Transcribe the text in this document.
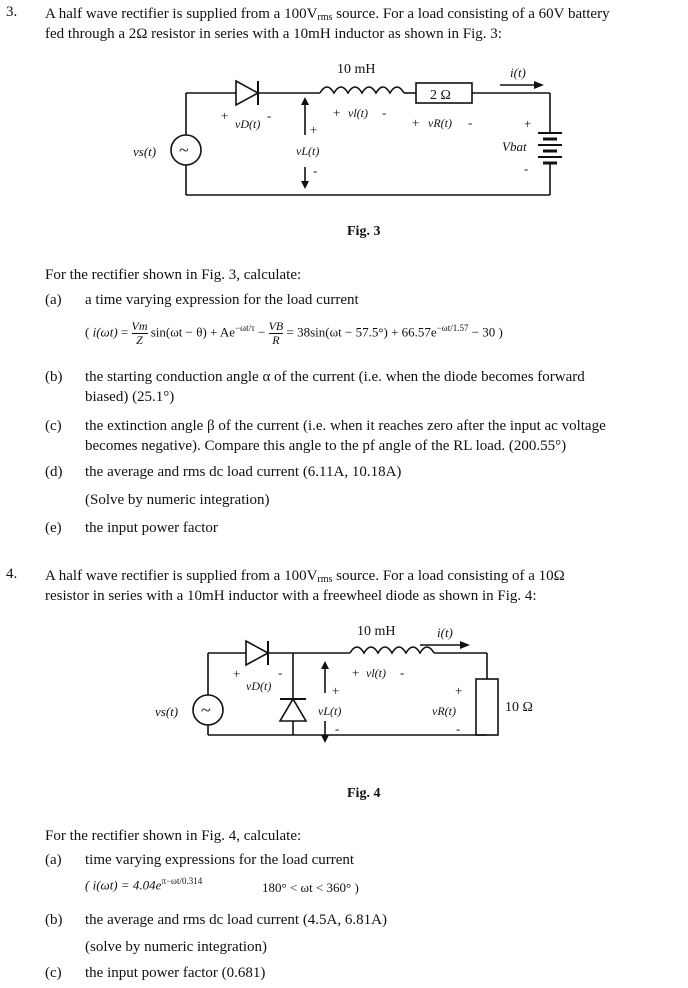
3. A half wave rectifier is supplied from a 100Vrms source. For a load consisting of a 60V battery
fed through a 2Ω resistor in series with a 10mH inductor as shown in Fig. 3:
10 mH
2 Ω
i(t)
~
vs(t)
+	-
vD(t)
+ vl(t) -
+ vR(t) -
+
vL(t)
-
+
Vbat
-
Fig. 3
For the rectifier shown in Fig. 3, calculate:
(a) a time varying expression for the load current
( $i(\omega t) = \frac{Vm}{Z} \sin(\omega t - \theta) + Ae^{-\omega t/\tau} - \frac{VB}{R} = 38\sin(\omega t - 57.5^\circ) + 66.57e^{-\omega t/1.57} - 30$ )
(b) the starting conduction angle α of the current (i.e. when the diode becomes forward
biased) (25.1°)
(c) the extinction angle β of the current (i.e. when it reaches zero after the input ac voltage
becomes negative). Compare this angle to the pf angle of the RL load. (200.55°)
(d) the average and rms dc load current (6.11A, 10.18A)
(Solve by numeric integration)
(e) the input power factor
4. A half wave rectifier is supplied from a 100Vrms source. For a load consisting of a 10Ω
resistor in series with a 10mH inductor with a freewheel diode as shown in Fig. 4:
10 mH	i(t)
10 Ω
~
vs(t)
+	-
vD(t)
+ vl(t) -
+
vL(t)
-
+
vR(t)
-
Fig. 4
For the rectifier shown in Fig. 4, calculate:
(a) time varying expressions for the load current
( $i(\omega t) = 4.04e^{\pi-\omega t/0.314}$	180° < ωt < 360° )
(b) the average and rms dc load current (4.5A, 6.81A)
(solve by numeric integration)
(c) the input power factor (0.681)
